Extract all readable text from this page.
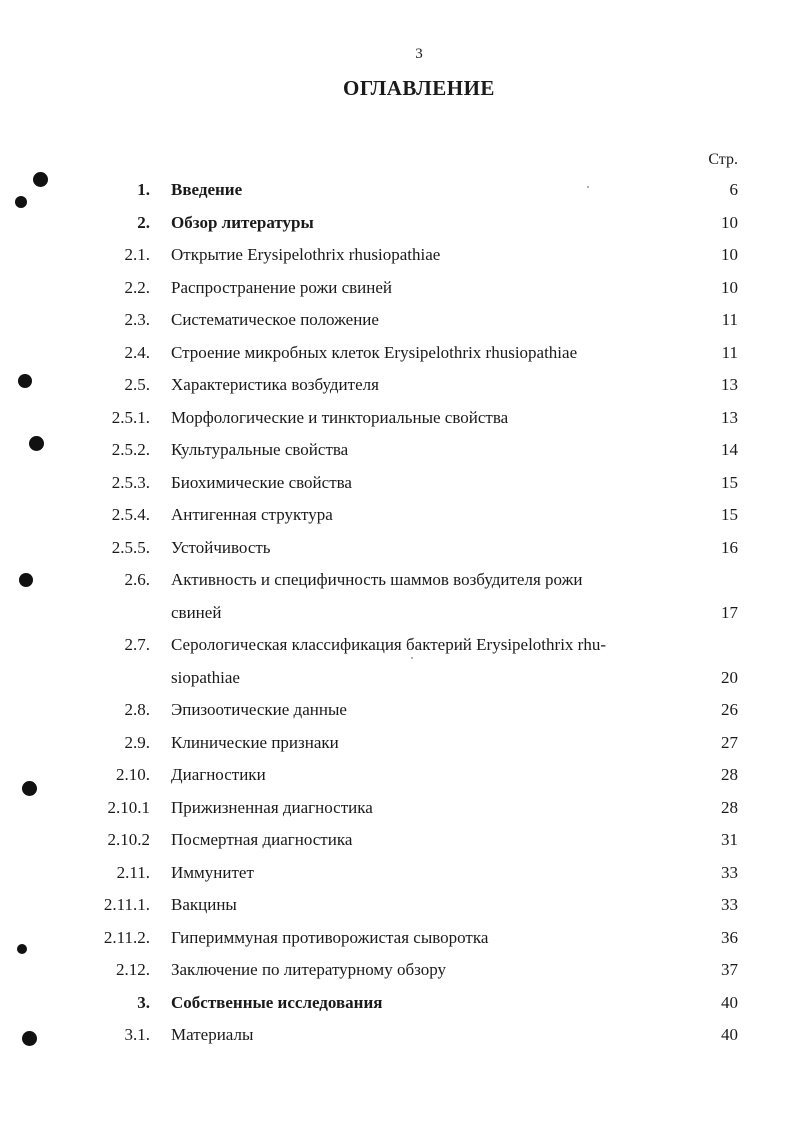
3
ОГЛАВЛЕНИЕ
Стр.
1. Введение	6
2. Обзор литературы	10
2.1. Открытие Erysipelothrix rhusiopathiae	10
2.2. Распространение рожи свиней	10
2.3. Систематическое положение	11
2.4. Строение микробных клеток Erysipelothrix rhusiopathiae	11
2.5. Характеристика возбудителя	13
2.5.1. Морфологические и тинкториальные свойства	13
2.5.2. Культуральные свойства	14
2.5.3. Биохимические свойства	15
2.5.4. Антигенная структура	15
2.5.5. Устойчивость	16
2.6. Активность и специфичность шаммов возбудителя рожи
свиней	17
2.7. Серологическая классификация бактерий Erysipelothrix rhu-
siopathiae	20
2.8. Эпизоотические данные	26
2.9. Клинические признаки	27
2.10. Диагностики	28
2.10.1 Прижизненная диагностика	28
2.10.2 Посмертная диагностика	31
2.11. Иммунитет	33
2.11.1. Вакцины	33
2.11.2. Гипериммуная противорожистая сыворотка	36
2.12. Заключение по литературному обзору	37
3. Собственные исследования	40
3.1. Материалы	40
